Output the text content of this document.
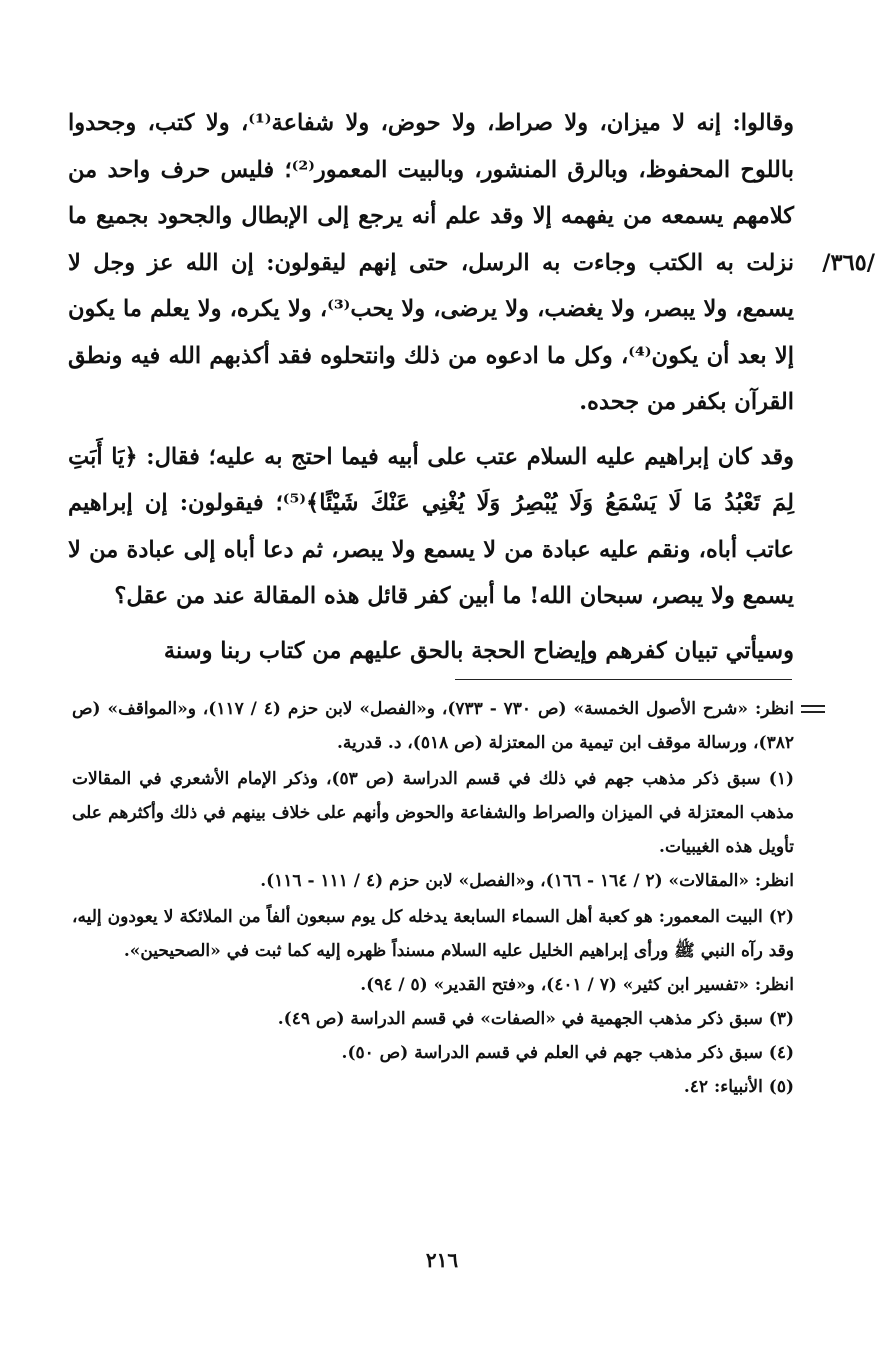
/٣٦٥/

وقالوا: إنه لا ميزان، ولا صراط، ولا حوض، ولا شفاعة⁽¹⁾، ولا كتب، وجحدوا باللوح المحفوظ، وبالرق المنشور، وبالبيت المعمور⁽²⁾؛ فليس حرف واحد من كلامهم يسمعه من يفهمه إلا وقد علم أنه يرجع إلى الإبطال والجحود بجميع ما نزلت به الكتب وجاءت به الرسل، حتى إنهم ليقولون: إن الله عز وجل لا يسمع، ولا يبصر، ولا يغضب، ولا يرضى، ولا يحب⁽³⁾، ولا يكره، ولا يعلم ما يكون إلا بعد أن يكون⁽⁴⁾، وكل ما ادعوه من ذلك وانتحلوه فقد أكذبهم الله فيه ونطق القرآن بكفر من جحده.

وقد كان إبراهيم عليه السلام عتب على أبيه فيما احتج به عليه؛ فقال: ﴿يَا أَبَتِ لِمَ تَعْبُدُ مَا لَا يَسْمَعُ وَلَا يُبْصِرُ وَلَا يُغْنِي عَنْكَ شَيْئًا﴾⁽⁵⁾؛ فيقولون: إن إبراهيم عاتب أباه، ونقم عليه عبادة من لا يسمع ولا يبصر، ثم دعا أباه إلى عبادة من لا يسمع ولا يبصر، سبحان الله! ما أبين كفر قائل هذه المقالة عند من عقل؟

وسيأتي تبيان كفرهم وإيضاح الحجة بالحق عليهم من كتاب ربنا وسنة

انظر: «شرح الأصول الخمسة» (ص ٧٣٠ - ٧٣٣)، و«الفصل» لابن حزم (٤ / ١١٧)، و«المواقف» (ص ٣٨٢)، ورسالة موقف ابن تيمية من المعتزلة (ص ٥١٨)، د. قدرية.

(١) سبق ذكر مذهب جهم في ذلك في قسم الدراسة (ص ٥٣)، وذكر الإمام الأشعري في المقالات مذهب المعتزلة في الميزان والصراط والشفاعة والحوض وأنهم على خلاف بينهم في ذلك وأكثرهم على تأويل هذه الغيبيات.

انظر: «المقالات» (٢ / ١٦٤ - ١٦٦)، و«الفصل» لابن حزم (٤ / ١١١ - ١١٦).

(٢) البيت المعمور: هو كعبة أهل السماء السابعة يدخله كل يوم سبعون ألفاً من الملائكة لا يعودون إليه، وقد رآه النبي ﷺ ورأى إبراهيم الخليل عليه السلام مسنداً ظهره إليه كما ثبت في «الصحيحين».

انظر: «تفسير ابن كثير» (٧ / ٤٠١)، و«فتح القدير» (٥ / ٩٤).

(٣) سبق ذكر مذهب الجهمية في «الصفات» في قسم الدراسة (ص ٤٩).

(٤) سبق ذكر مذهب جهم في العلم في قسم الدراسة (ص ٥٠).

(٥) الأنبياء: ٤٢.

٢١٦
